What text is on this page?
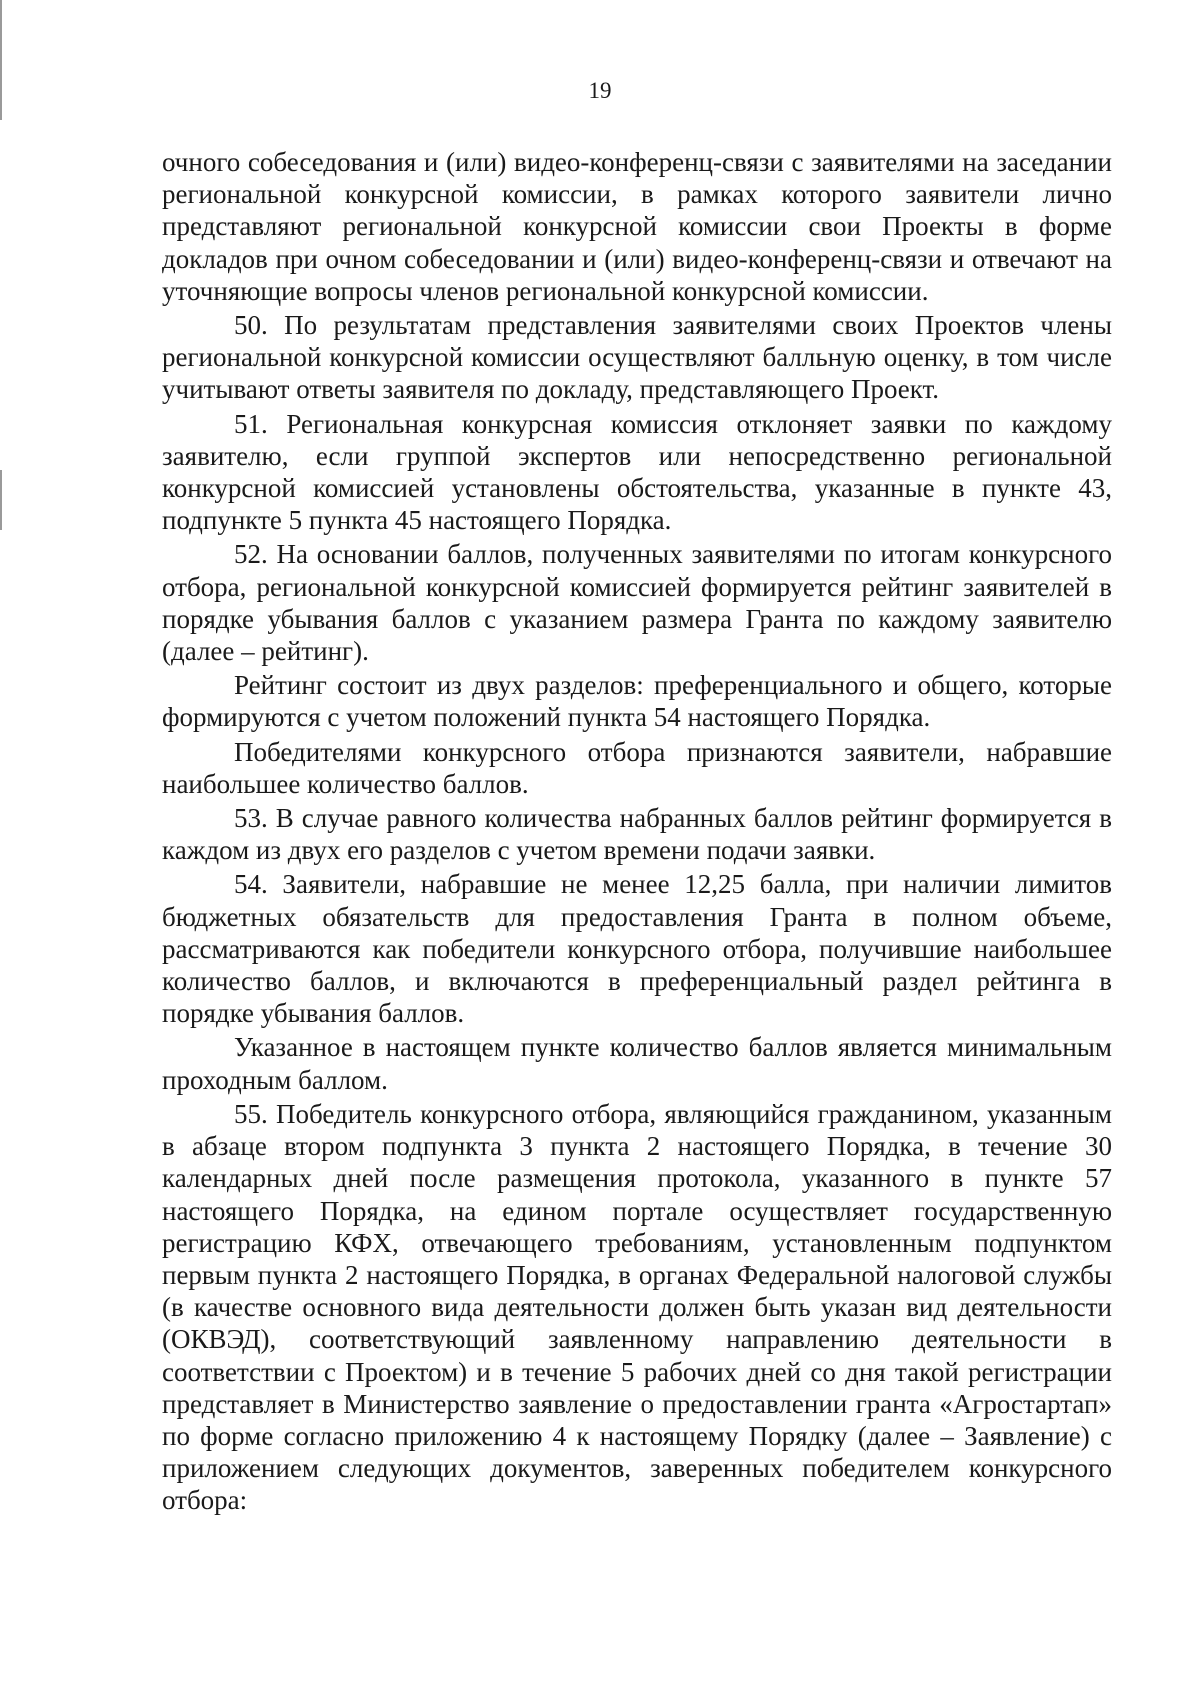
19

очного собеседования и (или) видео-конференц-связи с заявителями на заседании региональной конкурсной комиссии, в рамках которого заявители лично представляют региональной конкурсной комиссии свои Проекты в форме докладов при очном собеседовании и (или) видео-конференц-связи и отвечают на уточняющие вопросы членов региональной конкурсной комиссии.

50. По результатам представления заявителями своих Проектов члены региональной конкурсной комиссии осуществляют балльную оценку, в том числе учитывают ответы заявителя по докладу, представляющего Проект.

51. Региональная конкурсная комиссия отклоняет заявки по каждому заявителю, если группой экспертов или непосредственно региональной конкурсной комиссией установлены обстоятельства, указанные в пункте 43, подпункте 5 пункта 45 настоящего Порядка.

52. На основании баллов, полученных заявителями по итогам конкурсного отбора, региональной конкурсной комиссией формируется рейтинг заявителей в порядке убывания баллов с указанием размера Гранта по каждому заявителю (далее – рейтинг).

Рейтинг состоит из двух разделов: преференциального и общего, которые формируются с учетом положений пункта 54 настоящего Порядка.

Победителями конкурсного отбора признаются заявители, набравшие наибольшее количество баллов.

53. В случае равного количества набранных баллов рейтинг формируется в каждом из двух его разделов с учетом времени подачи заявки.

54. Заявители, набравшие не менее 12,25 балла, при наличии лимитов бюджетных обязательств для предоставления Гранта в полном объеме, рассматриваются как победители конкурсного отбора, получившие наибольшее количество баллов, и включаются в преференциальный раздел рейтинга в порядке убывания баллов.

Указанное в настоящем пункте количество баллов является минимальным проходным баллом.

55. Победитель конкурсного отбора, являющийся гражданином, указанным в абзаце втором подпункта 3 пункта 2 настоящего Порядка, в течение 30 календарных дней после размещения протокола, указанного в пункте 57 настоящего Порядка, на едином портале осуществляет государственную регистрацию КФХ, отвечающего требованиям, установленным подпунктом первым пункта 2 настоящего Порядка, в органах Федеральной налоговой службы (в качестве основного вида деятельности должен быть указан вид деятельности (ОКВЭД), соответствующий заявленному направлению деятельности в соответствии с Проектом) и в течение 5 рабочих дней со дня такой регистрации представляет в Министерство заявление о предоставлении гранта «Агростартап» по форме согласно приложению 4 к настоящему Порядку (далее – Заявление) с приложением следующих документов, заверенных победителем конкурсного отбора:
